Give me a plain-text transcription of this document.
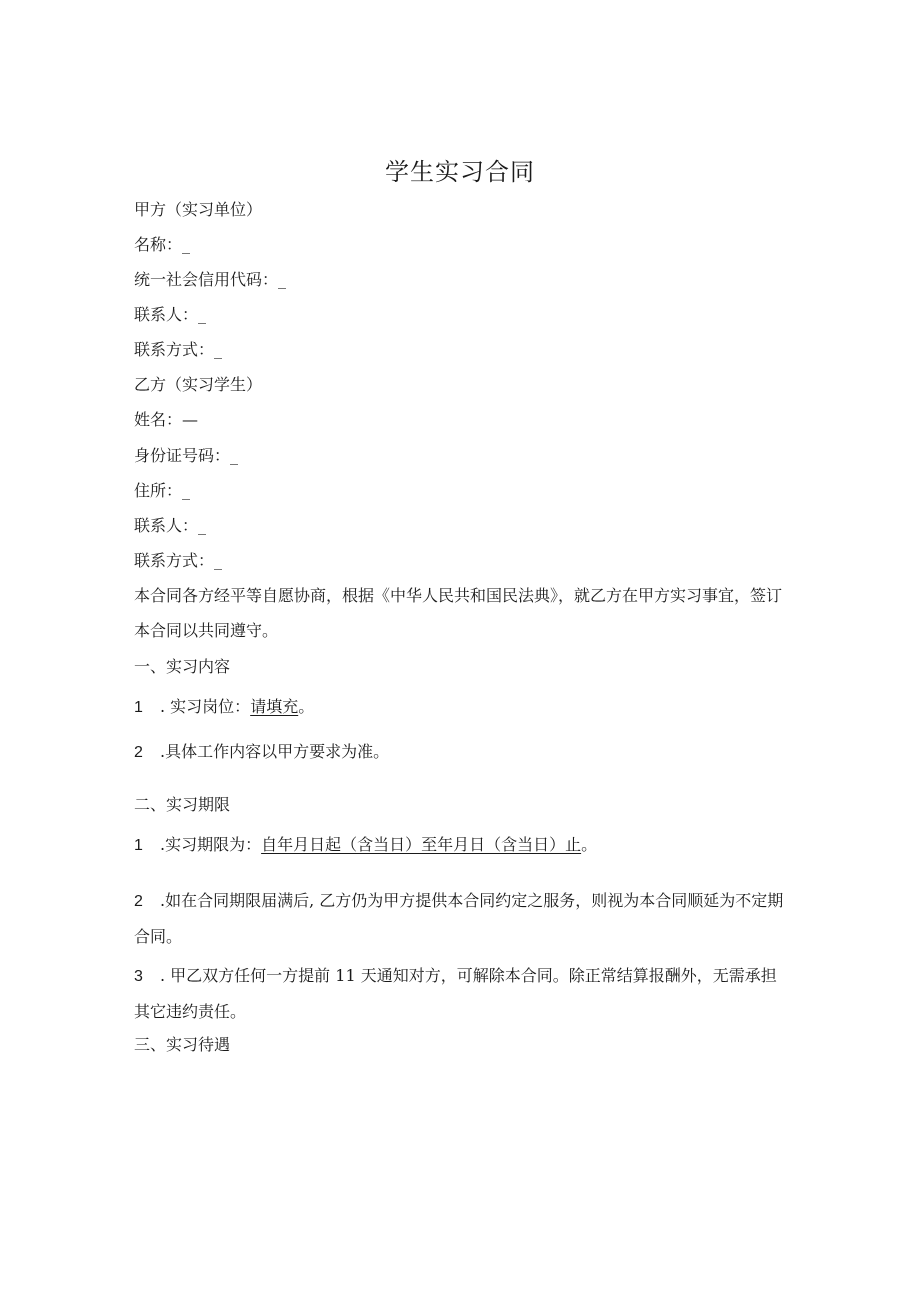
学生实习合同
甲方（实习单位）
名称：_
统一社会信用代码：_
联系人：_
联系方式：_
乙方（实习学生）
姓名：—
身份证号码：_
住所：_
联系人：_
联系方式：_
本合同各方经平等自愿协商，根据《中华人民共和国民法典》，就乙方在甲方实习事宜，签订本合同以共同遵守。
一、实习内容
1 . 实习岗位：请填充。
2 .具体工作内容以甲方要求为准。
二、实习期限
1 .实习期限为：自年月日起（含当日）至年月日（含当日）止。
2 .如在合同期限届满后, 乙方仍为甲方提供本合同约定之服务，则视为本合同顺延为不定期合同。
3 . 甲乙双方任何一方提前 11 天通知对方，可解除本合同。除正常结算报酬外，无需承担其它违约责任。
三、实习待遇
